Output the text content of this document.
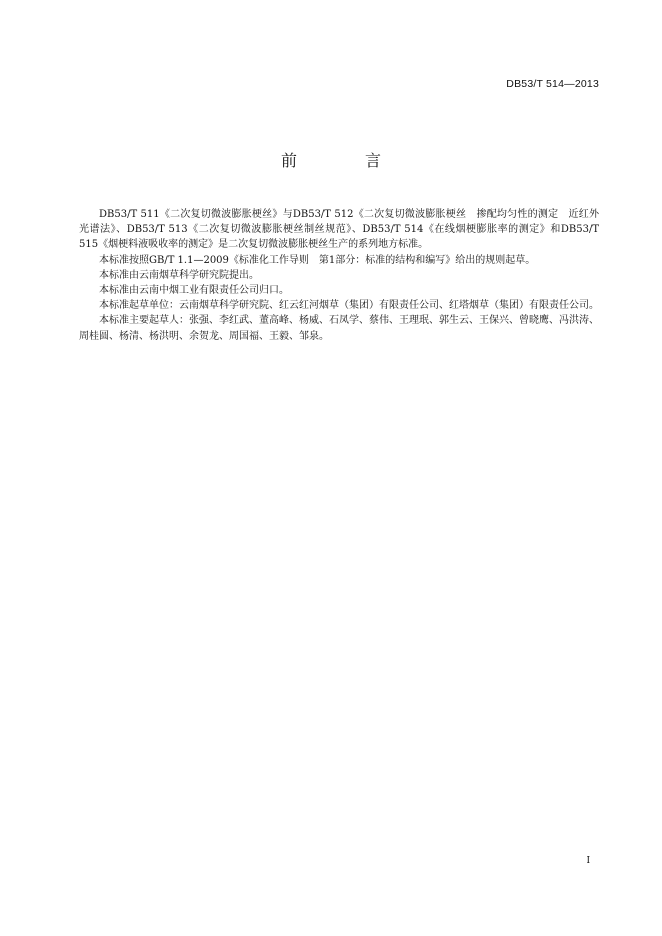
DB53/T 514—2013
前　言

DB53/T 511《二次复切微波膨胀梗丝》与DB53/T 512《二次复切微波膨胀梗丝　掺配均匀性的测定　近红外光谱法》、DB53/T 513《二次复切微波膨胀梗丝制丝规范》、DB53/T 514《在线烟梗膨胀率的测定》和DB53/T 515《烟梗料液吸收率的测定》是二次复切微波膨胀梗丝生产的系列地方标准。

本标准按照GB/T 1.1—2009《标准化工作导则　第1部分：标准的结构和编写》给出的规则起草。

本标准由云南烟草科学研究院提出。

本标准由云南中烟工业有限责任公司归口。

本标准起草单位：云南烟草科学研究院、红云红河烟草（集团）有限责任公司、红塔烟草（集团）有限责任公司。

本标准主要起草人：张强、李红武、董高峰、杨威、石凤学、蔡伟、王理珉、郭生云、王保兴、曾晓鹰、冯洪涛、周桂圆、杨清、杨洪明、余贺龙、周国福、王毅、邹泉。

I
